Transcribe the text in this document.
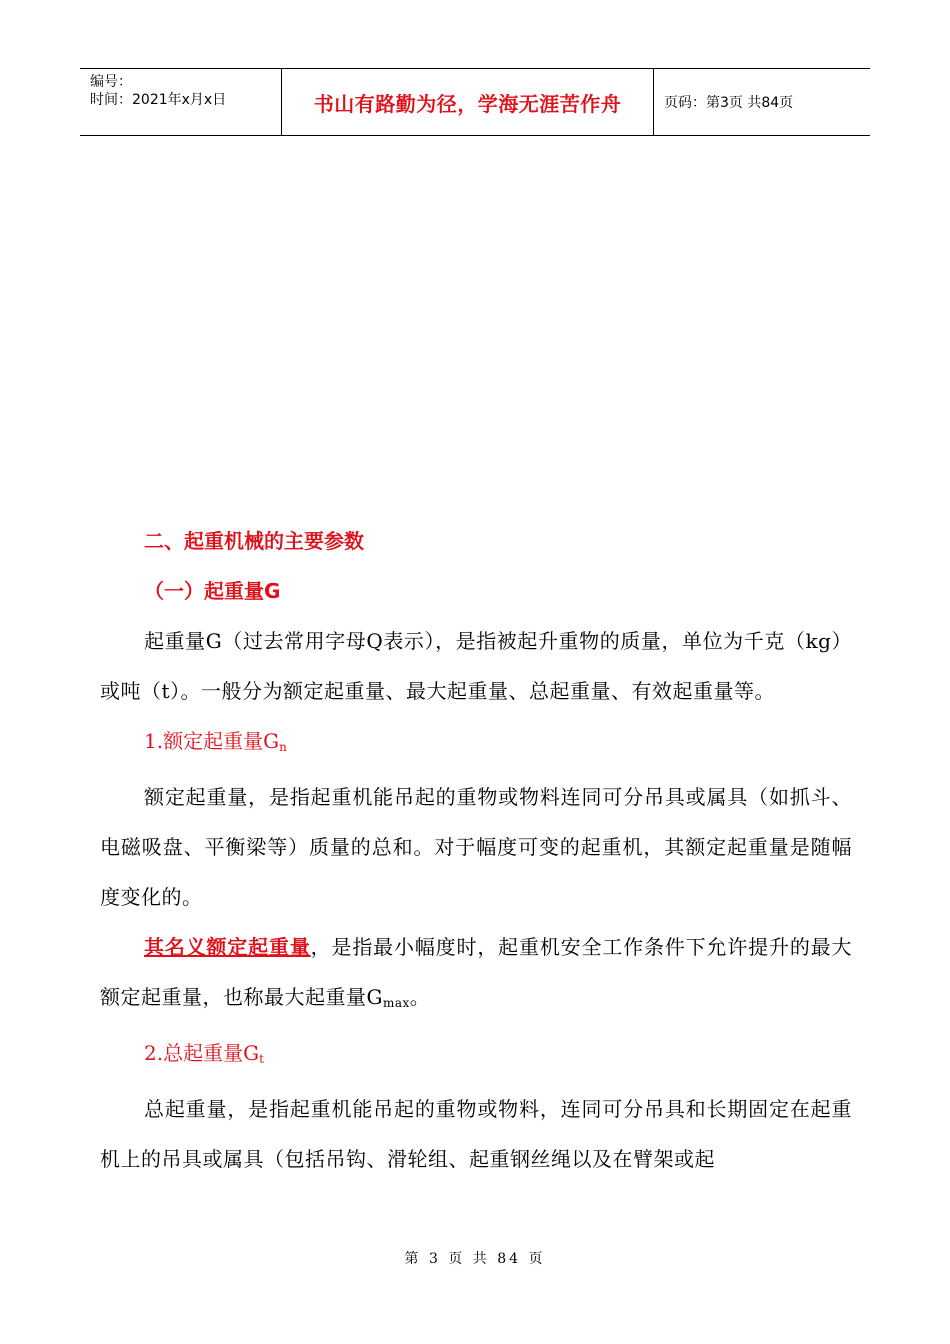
编号：
时间：2021年x月x日	书山有路勤为径，学海无涯苦作舟	页码：第3页 共84页

二、起重机械的主要参数

（一）起重量G

起重量G（过去常用字母Q表示），是指被起升重物的质量，单位为千克（kg）或吨（t）。一般分为额定起重量、最大起重量、总起重量、有效起重量等。

1.额定起重量$G_n$

额定起重量，是指起重机能吊起的重物或物料连同可分吊具或属具（如抓斗、电磁吸盘、平衡梁等）质量的总和。对于幅度可变的起重机，其额定起重量是随幅度变化的。

其名义额定起重量，是指最小幅度时，起重机安全工作条件下允许提升的最大额定起重量，也称最大起重量$G_{max}$。

2.总起重量$G_t$

总起重量，是指起重机能吊起的重物或物料，连同可分吊具和长期固定在起重机上的吊具或属具（包括吊钩、滑轮组、起重钢丝绳以及在臂架或起

第 3 页 共 84 页
